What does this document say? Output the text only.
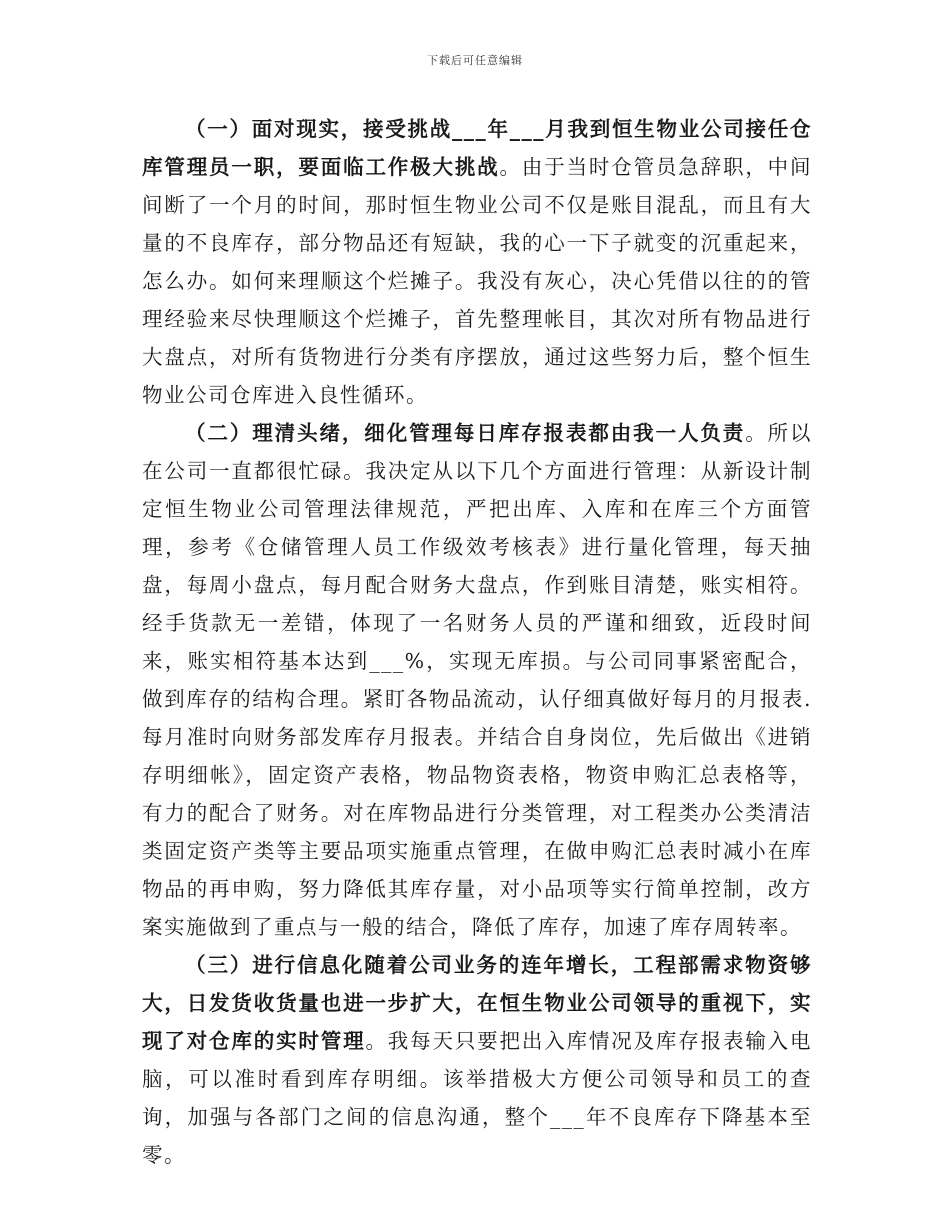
下载后可任意编辑

（一）面对现实，接受挑战___年___月我到恒生物业公司接任仓库管理员一职，要面临工作极大挑战。由于当时仓管员急辞职，中间间断了一个月的时间，那时恒生物业公司不仅是账目混乱，而且有大量的不良库存，部分物品还有短缺，我的心一下子就变的沉重起来，怎么办。如何来理顺这个烂摊子。我没有灰心，决心凭借以往的的管理经验来尽快理顺这个烂摊子，首先整理帐目，其次对所有物品进行大盘点，对所有货物进行分类有序摆放，通过这些努力后，整个恒生物业公司仓库进入良性循环。

（二）理清头绪，细化管理每日库存报表都由我一人负责。所以在公司一直都很忙碌。我决定从以下几个方面进行管理：从新设计制定恒生物业公司管理法律规范，严把出库、入库和在库三个方面管理，参考《仓储管理人员工作级效考核表》进行量化管理，每天抽盘，每周小盘点，每月配合财务大盘点，作到账目清楚，账实相符。经手货款无一差错，体现了一名财务人员的严谨和细致，近段时间来，账实相符基本达到___%，实现无库损。与公司同事紧密配合，做到库存的结构合理。紧盯各物品流动，认仔细真做好每月的月报表.每月准时向财务部发库存月报表。并结合自身岗位，先后做出《进销存明细帐》，固定资产表格，物品物资表格，物资申购汇总表格等，有力的配合了财务。对在库物品进行分类管理，对工程类办公类清洁类固定资产类等主要品项实施重点管理，在做申购汇总表时减小在库物品的再申购，努力降低其库存量，对小品项等实行简单控制，改方案实施做到了重点与一般的结合，降低了库存，加速了库存周转率。

（三）进行信息化随着公司业务的连年增长，工程部需求物资够大，日发货收货量也进一步扩大，在恒生物业公司领导的重视下，实现了对仓库的实时管理。我每天只要把出入库情况及库存报表输入电脑，可以准时看到库存明细。该举措极大方便公司领导和员工的查询，加强与各部门之间的信息沟通，整个___年不良库存下降基本至零。
